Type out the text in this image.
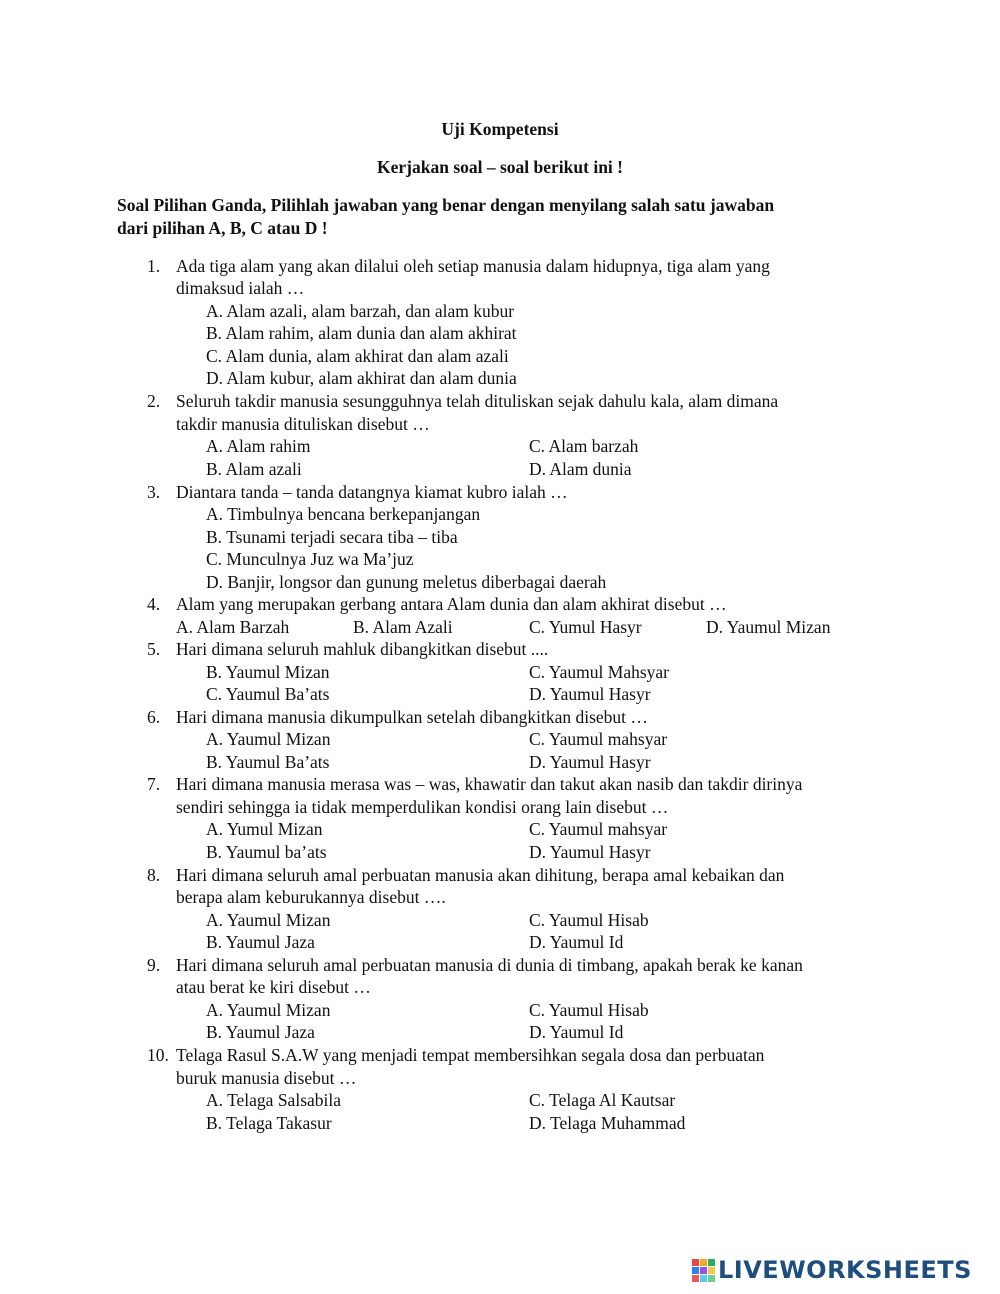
Uji Kompetensi
Kerjakan soal – soal berikut ini !
Soal Pilihan Ganda, Pilihlah jawaban yang benar dengan menyilang salah satu jawaban
dari pilihan A, B, C atau D !
1. Ada tiga alam yang akan dilalui oleh setiap manusia dalam hidupnya, tiga alam yang
dimaksud ialah …
A. Alam azali, alam barzah, dan alam kubur
B. Alam rahim, alam dunia dan alam akhirat
C. Alam dunia, alam akhirat dan alam azali
D. Alam kubur, alam akhirat dan alam dunia
2. Seluruh takdir manusia sesungguhnya telah dituliskan sejak dahulu kala, alam dimana
takdir manusia dituliskan disebut …
A. Alam rahim	C. Alam barzah
B. Alam azali	D. Alam dunia
3. Diantara tanda – tanda datangnya kiamat kubro ialah …
A. Timbulnya bencana berkepanjangan
B. Tsunami terjadi secara tiba – tiba
C. Munculnya Juz wa Ma’juz
D. Banjir, longsor dan gunung meletus diberbagai daerah
4. Alam yang merupakan gerbang antara Alam dunia dan alam akhirat disebut …
A. Alam Barzah	B. Alam Azali	C. Yumul Hasyr	D. Yaumul Mizan
5. Hari dimana seluruh mahluk dibangkitkan disebut ....
B. Yaumul Mizan	C. Yaumul Mahsyar
C. Yaumul Ba’ats	D. Yaumul Hasyr
6. Hari dimana manusia dikumpulkan setelah dibangkitkan disebut …
A. Yaumul Mizan	C. Yaumul mahsyar
B. Yaumul Ba’ats	D. Yaumul Hasyr
7. Hari dimana manusia merasa was – was, khawatir dan takut akan nasib dan takdir dirinya
sendiri sehingga ia tidak memperdulikan kondisi orang lain disebut …
A. Yumul Mizan	C. Yaumul mahsyar
B. Yaumul ba’ats	D. Yaumul Hasyr
8. Hari dimana seluruh amal perbuatan manusia akan dihitung, berapa amal kebaikan dan
berapa alam keburukannya disebut ….
A. Yaumul Mizan	C. Yaumul Hisab
B. Yaumul Jaza	D. Yaumul Id
9. Hari dimana seluruh amal perbuatan manusia di dunia di timbang, apakah berak ke kanan
atau berat ke kiri disebut …
A. Yaumul Mizan	C. Yaumul Hisab
B. Yaumul Jaza	D. Yaumul Id
10. Telaga Rasul S.A.W yang menjadi tempat membersihkan segala dosa dan perbuatan
buruk manusia disebut …
A. Telaga Salsabila	C. Telaga Al Kautsar
B. Telaga Takasur	D. Telaga Muhammad
LIVEWORKSHEETS
